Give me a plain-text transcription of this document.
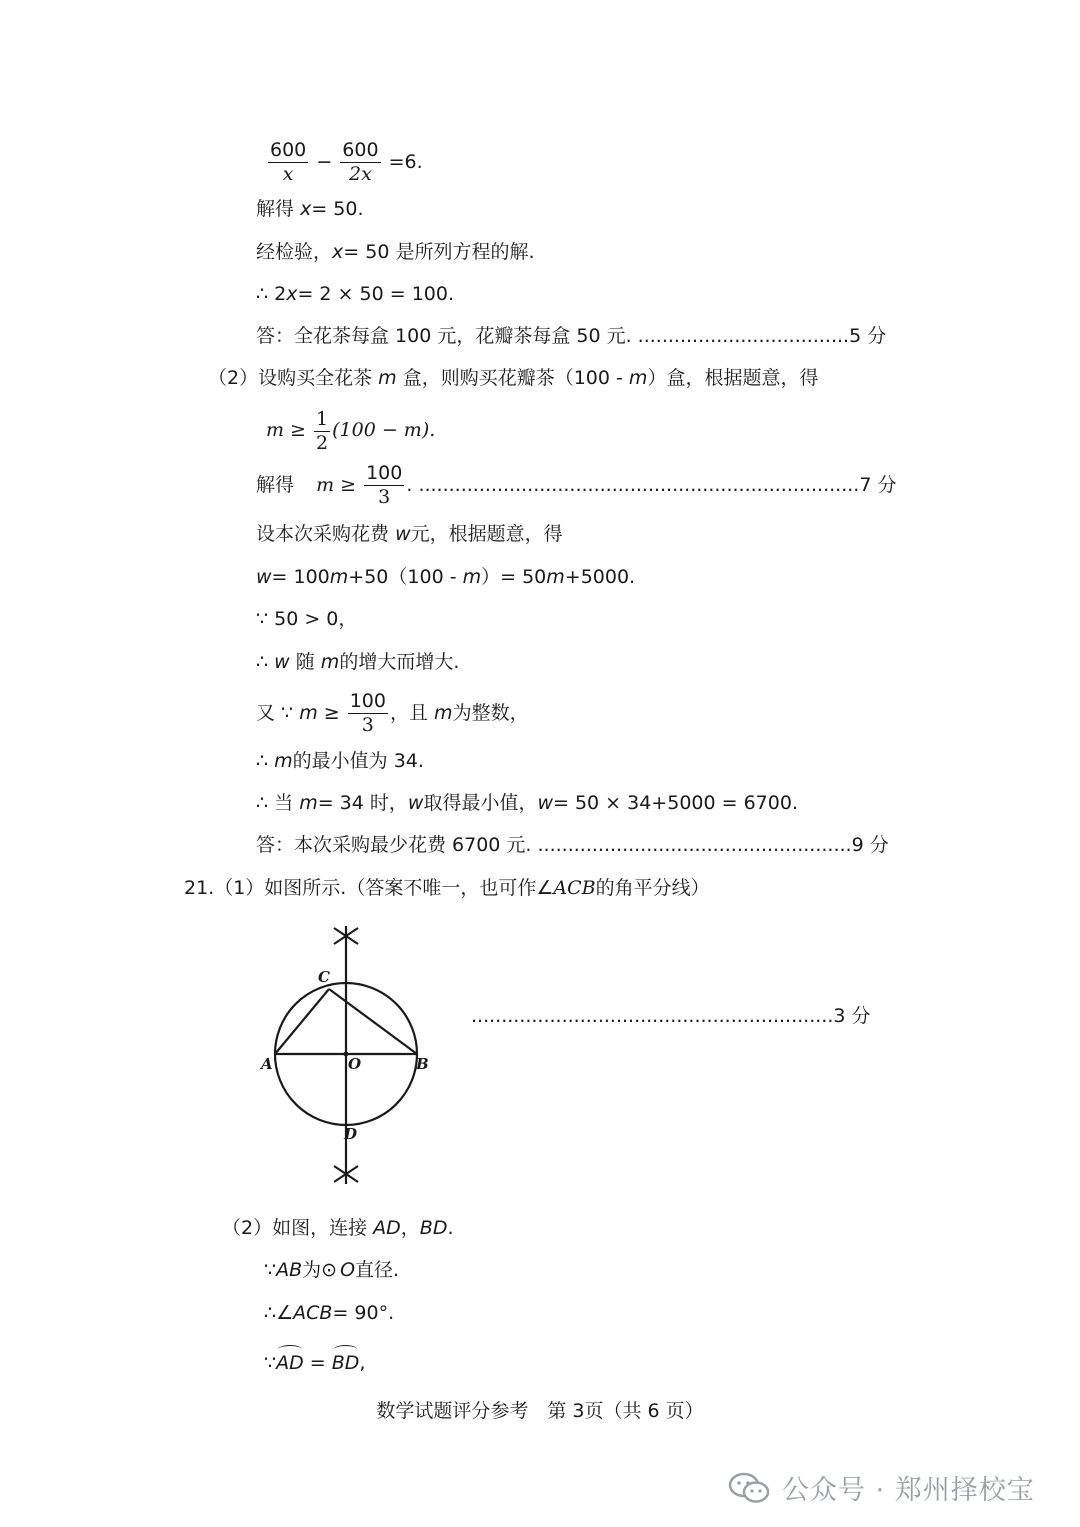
$\frac{600}{x} - \frac{600}{2x} =6$.
解得 x= 50.
经检验，x= 50 是所列方程的解.
∴ 2x= 2 × 50 = 100.
答：全花茶每盒 100 元，花瓣茶每盒 50 元. ...................................5 分
（2）设购买全花茶 m 盒，则购买花瓣茶（100 - m）盒，根据题意，得
$m \ge \frac{1}{2} (100 - m)$.
解得 $m \ge \frac{100}{3}$ . .........................................................................7 分
设本次采购花费 w元，根据题意，得
w= 100m+50（100 - m）= 50m+5000.
∵ 50 > 0，
∴ w 随 m的增大而增大.
又 ∵ $m \ge \frac{100}{3}$ ，且 m为整数，
∴ m的最小值为 34.
∴ 当 m= 34 时，w取得最小值，w= 50 × 34+5000 = 6700.
答：本次采购最少花费 6700 元. ....................................................9 分
21.（1）如图所示.（答案不唯一，也可作∠ACB的角平分线）
C
A	O	B
D
............................................................3 分
（2）如图，连接 AD，BD.
∵AB为⊙ O直径.
∴∠ACB= 90°.
∵AD = BD,
数学试题评分参考　第 3页（共 6 页）
公众号 · 郑州择校宝
